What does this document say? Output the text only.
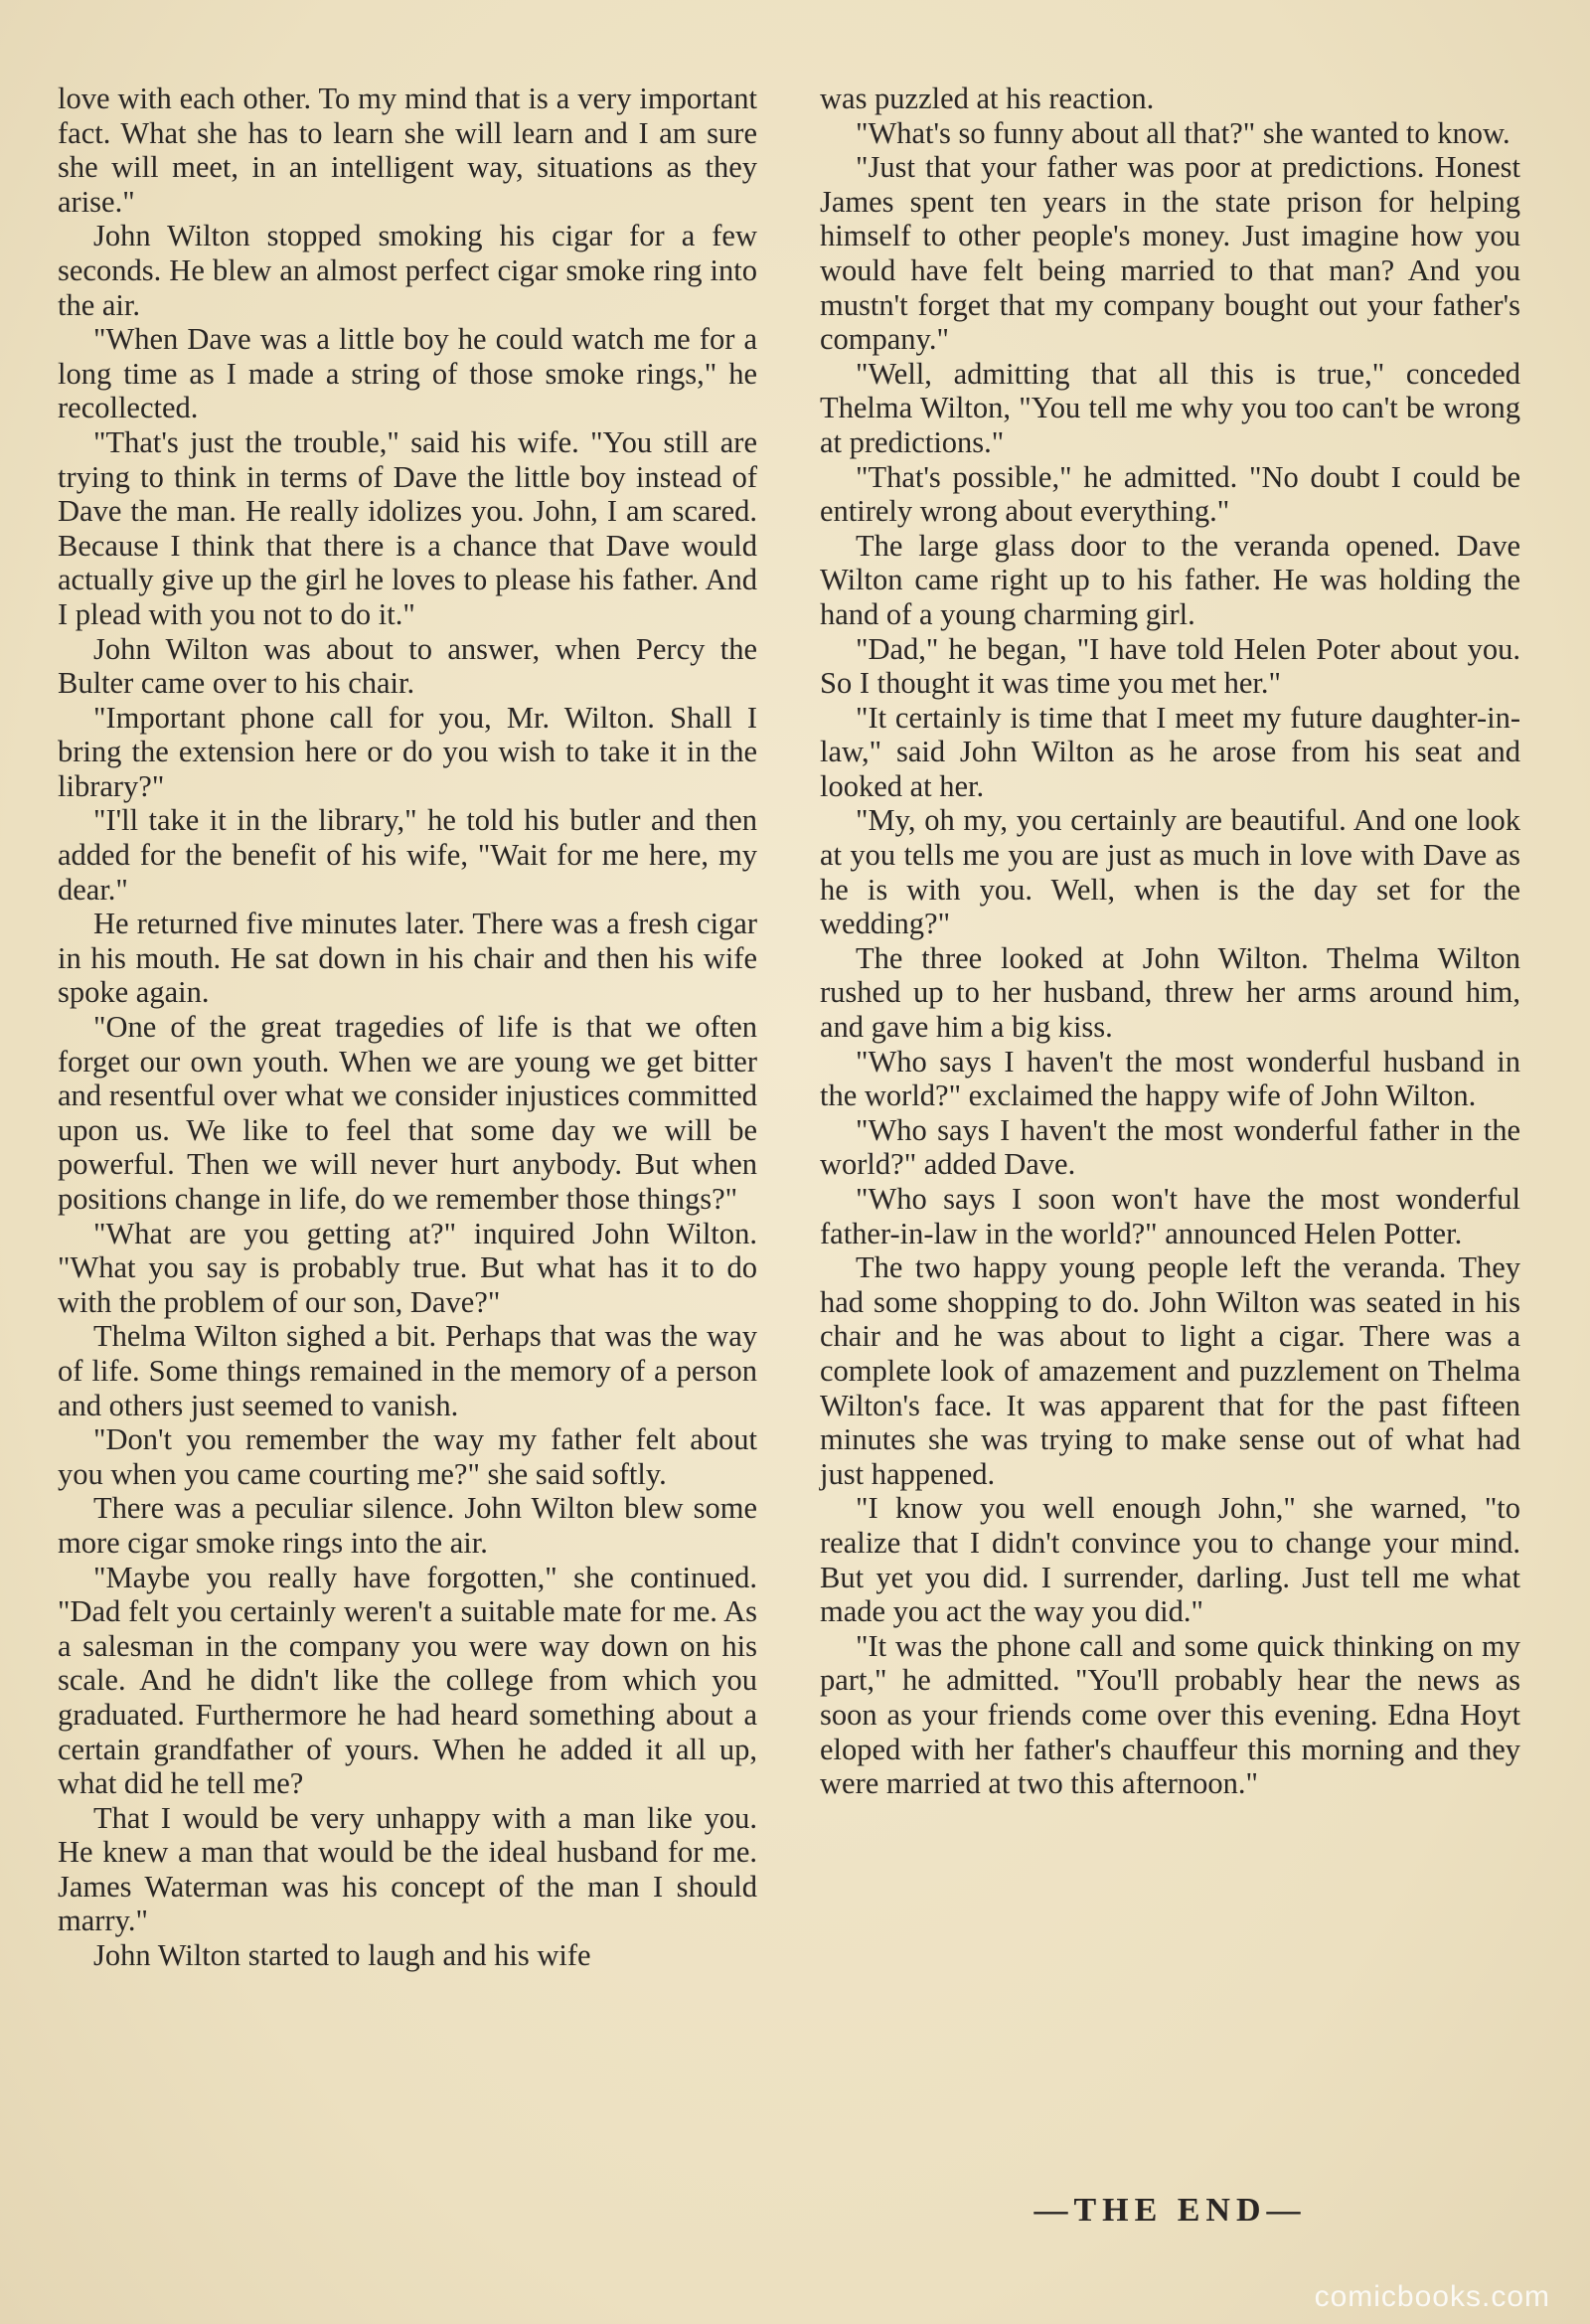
love with each other. To my mind that is a very important fact. What she has to learn she will learn and I am sure she will meet, in an intelligent way, situations as they arise."

John Wilton stopped smoking his cigar for a few seconds. He blew an almost perfect cigar smoke ring into the air.

"When Dave was a little boy he could watch me for a long time as I made a string of those smoke rings," he recollected.

"That's just the trouble," said his wife. "You still are trying to think in terms of Dave the little boy instead of Dave the man. He really idolizes you. John, I am scared. Because I think that there is a chance that Dave would actually give up the girl he loves to please his father. And I plead with you not to do it."

John Wilton was about to answer, when Percy the Bulter came over to his chair.

"Important phone call for you, Mr. Wilton. Shall I bring the extension here or do you wish to take it in the library?"

"I'll take it in the library," he told his butler and then added for the benefit of his wife, "Wait for me here, my dear."

He returned five minutes later. There was a fresh cigar in his mouth. He sat down in his chair and then his wife spoke again.

"One of the great tragedies of life is that we often forget our own youth. When we are young we get bitter and resentful over what we consider injustices committed upon us. We like to feel that some day we will be powerful. Then we will never hurt anybody. But when positions change in life, do we remember those things?"

"What are you getting at?" inquired John Wilton. "What you say is probably true. But what has it to do with the problem of our son, Dave?"

Thelma Wilton sighed a bit. Perhaps that was the way of life. Some things remained in the memory of a person and others just seemed to vanish.

"Don't you remember the way my father felt about you when you came courting me?" she said softly.

There was a peculiar silence. John Wilton blew some more cigar smoke rings into the air.

"Maybe you really have forgotten," she continued. "Dad felt you certainly weren't a suitable mate for me. As a salesman in the company you were way down on his scale. And he didn't like the college from which you graduated. Furthermore he had heard something about a certain grandfather of yours. When he added it all up, what did he tell me?

That I would be very unhappy with a man like you. He knew a man that would be the ideal husband for me. James Waterman was his concept of the man I should marry."

John Wilton started to laugh and his wife

was puzzled at his reaction.

"What's so funny about all that?" she wanted to know.

"Just that your father was poor at predictions. Honest James spent ten years in the state prison for helping himself to other people's money. Just imagine how you would have felt being married to that man? And you mustn't forget that my company bought out your father's company."

"Well, admitting that all this is true," conceded Thelma Wilton, "You tell me why you too can't be wrong at predictions."

"That's possible," he admitted. "No doubt I could be entirely wrong about everything."

The large glass door to the veranda opened. Dave Wilton came right up to his father. He was holding the hand of a young charming girl.

"Dad," he began, "I have told Helen Poter about you. So I thought it was time you met her."

"It certainly is time that I meet my future daughter-in-law," said John Wilton as he arose from his seat and looked at her.

"My, oh my, you certainly are beautiful. And one look at you tells me you are just as much in love with Dave as he is with you. Well, when is the day set for the wedding?"

The three looked at John Wilton. Thelma Wilton rushed up to her husband, threw her arms around him, and gave him a big kiss.

"Who says I haven't the most wonderful husband in the world?" exclaimed the happy wife of John Wilton.

"Who says I haven't the most wonderful father in the world?" added Dave.

"Who says I soon won't have the most wonderful father-in-law in the world?" announced Helen Potter.

The two happy young people left the veranda. They had some shopping to do. John Wilton was seated in his chair and he was about to light a cigar. There was a complete look of amazement and puzzlement on Thelma Wilton's face. It was apparent that for the past fifteen minutes she was trying to make sense out of what had just happened.

"I know you well enough John," she warned, "to realize that I didn't convince you to change your mind. But yet you did. I surrender, darling. Just tell me what made you act the way you did."

"It was the phone call and some quick thinking on my part," he admitted. "You'll probably hear the news as soon as your friends come over this evening. Edna Hoyt eloped with her father's chauffeur this morning and they were married at two this afternoon."

—THE END—
comicbooks.com
